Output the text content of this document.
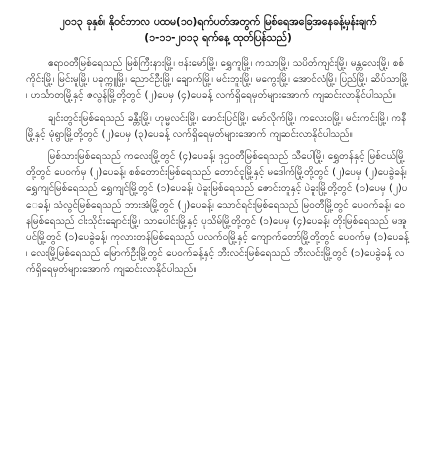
၂၀၁၃ ခုနှစ်၊ နိုဝင်ဘာလ ပထမ(၁၀)ရက်ပတ်အတွက် မြစ်ရေအခြေအနေခန့်မှန်းချက်

(၁-၁၁-၂၀၁၃ ရက်နေ့ ထုတ်ပြန်သည်)

ဧရာဝတီမြစ်ရေသည် မြစ်ကြီးနားမြို့၊ ဗန်းမော်မြို့၊ ရွှေကူမြို့၊ ကသာမြို့၊ သပိတ်ကျင်းမြို့၊ မန္တလေးမြို့၊ စစ်ကိုင်းမြို့၊ မြင်းမူမြို့၊ ပခုက္ကူမြို့၊ ညောင်ဦးမြို့၊ ချောက်မြို့၊ မင်းဘူးမြို့၊ မကွေးမြို့၊ အောင်လံမြို့၊ ပြည်မြို့၊ ဆိပ်သာမြို့၊ ဟင်္သာတမြို့နှင့် ဇလွန်မြို့တို့တွင် (၂)ပေမှ (၄)ပေခန့် လက်ရှိရေမှတ်များအောက် ကျဆင်းလာနိုင်ပါသည်။

ချင်းတွင်းမြစ်ရေသည် ခန္တီးမြို့၊ ဟုမ္မလင်းမြို့၊ ဖောင်းပြင်မြို့၊ မော်လိုက်မြို့၊ ကလေးဝမြို့၊ မင်းကင်းမြို့၊ ကနီမြို့နှင့် မုံရွာမြို့တို့တွင် (၂)ပေမှ (၃)ပေခန့် လက်ရှိရေမှတ်များအောက် ကျဆင်းလာနိုင်ပါသည်။

မြစ်သားမြစ်ရေသည် ကလေးမြို့တွင် (၄)ပေခန့်၊ ဒုဌဝတီမြစ်ရေသည် သီပေါမြို့၊ ရွှေတန်နှင့် မြစ်ငယ်မြို့တို့တွင် ပေဝက်မှ (၂)ပေခန့်၊ စစ်တောင်းမြစ်ရေသည် တောင်ငူမြို့နှင့် မဒေါက်မြို့တို့တွင် (၂)ပေမှ (၂)ပေခွဲခန့်၊ ရွှေကျင်မြစ်ရေသည် ရွှေကျင်မြို့တွင် (၁)ပေခန့်၊ ပဲခူးမြစ်ရေသည် ဇောင်းတူနှင့် ပဲခူးမြို့တို့တွင် (၁)ပေမှ (၂)ပေခန့်၊ သံလွင်မြစ်ရေသည် ဘားအံမြို့တွင် (၂)ပေခန့်၊ သောင်ရင်းမြစ်ရေသည် မြဝတီမြို့တွင် ပေဝက်ခန့်၊ ဝေနမြစ်ရေသည် ငါးသိုင်းချောင်းမြို့၊ သာပေါင်းမြို့နှင့် ပုသိမ်မြို့တို့တွင် (၁)ပေမှ (၄)ပေခန့်၊ တိုးမြစ်ရေသည် မအူပင်မြို့တွင် (၁)ပေခွဲခန့်၊ ကုလားတန်မြစ်ရေသည် ပလက်ဝမြို့နှင့် ကျောက်တော်မြို့တို့တွင် ပေဝက်မှ (၁)ပေခန့်၊ လေးမြို့မြစ်ရေသည် မြောက်ဦးမြို့တွင် ပေဝက်ခန့်နှင့် ဘီးလင်းမြစ်ရေသည် ဘီးလင်းမြို့တွင် (၁)ပေခွဲခန့် လက်ရှိရေမှတ်များအောက် ကျဆင်းလာနိုင်ပါသည်။
